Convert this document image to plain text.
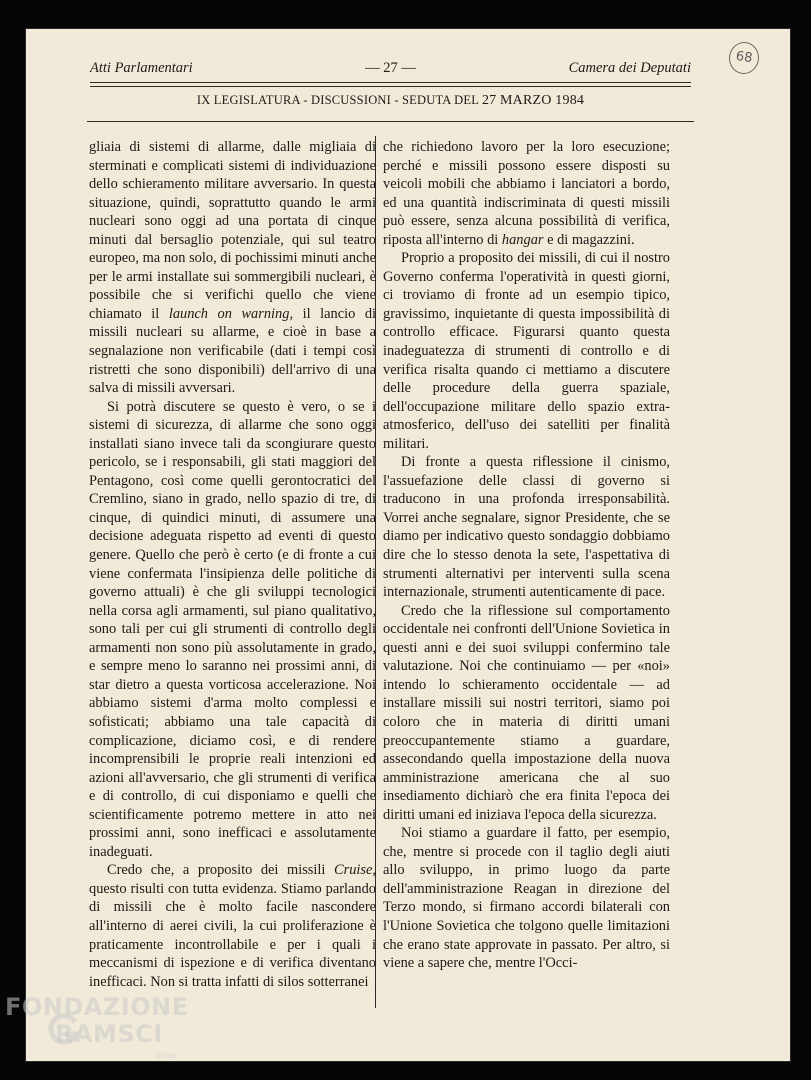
68
Atti Parlamentari	— 27 —	Camera dei Deputati
IX LEGISLATURA - DISCUSSIONI - SEDUTA DEL 27 MARZO 1984

gliaia di sistemi di allarme, dalle migliaia di sterminati e complicati sistemi di individuazione dello schieramento militare avversario. In questa situazione, quindi, soprattutto quando le armi nucleari sono oggi ad una portata di cinque minuti dal bersaglio potenziale, qui sul teatro europeo, ma non solo, di pochissimi minuti anche per le armi installate sui sommergibili nucleari, è possibile che si verifichi quello che viene chiamato il launch on warning, il lancio di missili nucleari su allarme, e cioè in base a segnalazione non verificabile (dati i tempi così ristretti che sono disponibili) dell'arrivo di una salva di missili avversari.

Si potrà discutere se questo è vero, o se i sistemi di sicurezza, di allarme che sono oggi installati siano invece tali da scongiurare questo pericolo, se i responsabili, gli stati maggiori del Pentagono, così come quelli gerontocratici del Cremlino, siano in grado, nello spazio di tre, di cinque, di quindici minuti, di assumere una decisione adeguata rispetto ad eventi di questo genere. Quello che però è certo (e di fronte a cui viene confermata l'insipienza delle politiche di governo attuali) è che gli sviluppi tecnologici nella corsa agli armamenti, sul piano qualitativo, sono tali per cui gli strumenti di controllo degli armamenti non sono più assolutamente in grado, e sempre meno lo saranno nei prossimi anni, di star dietro a questa vorticosa accelerazione. Noi abbiamo sistemi d'arma molto complessi e sofisticati; abbiamo una tale capacità di complicazione, diciamo così, e di rendere incomprensibili le proprie reali intenzioni ed azioni all'avversario, che gli strumenti di verifica e di controllo, di cui disponiamo e quelli che scientificamente potremo mettere in atto nei prossimi anni, sono inefficaci e assolutamente inadeguati.

Credo che, a proposito dei missili Cruise, questo risulti con tutta evidenza. Stiamo parlando di missili che è molto facile nascondere all'interno di aerei civili, la cui proliferazione è praticamente incontrollabile e per i quali i meccanismi di ispezione e di verifica diventano inefficaci. Non si tratta infatti di silos sotterranei

che richiedono lavoro per la loro esecuzione; perché e missili possono essere disposti su veicoli mobili che abbiamo i lanciatori a bordo, ed una quantità indiscriminata di questi missili può essere, senza alcuna possibilità di verifica, riposta all'interno di hangar e di magazzini.

Proprio a proposito dei missili, di cui il nostro Governo conferma l'operatività in questi giorni, ci troviamo di fronte ad un esempio tipico, gravissimo, inquietante di questa impossibilità di controllo efficace. Figurarsi quanto questa inadeguatezza di strumenti di controllo e di verifica risalta quando ci mettiamo a discutere delle procedure della guerra spaziale, dell'occupazione militare dello spazio extra-atmosferico, dell'uso dei satelliti per finalità militari.

Di fronte a questa riflessione il cinismo, l'assuefazione delle classi di governo si traducono in una profonda irresponsabilità. Vorrei anche segnalare, signor Presidente, che se diamo per indicativo questo sondaggio dobbiamo dire che lo stesso denota la sete, l'aspettativa di strumenti alternativi per interventi sulla scena internazionale, strumenti autenticamente di pace.

Credo che la riflessione sul comportamento occidentale nei confronti dell'Unione Sovietica in questi anni e dei suoi sviluppi confermino tale valutazione. Noi che continuiamo — per «noi» intendo lo schieramento occidentale — ad installare missili sui nostri territori, siamo poi coloro che in materia di diritti umani preoccupantemente stiamo a guardare, assecondando quella impostazione della nuova amministrazione americana che al suo insediamento dichiarò che era finita l'epoca dei diritti umani ed iniziava l'epoca della sicurezza.

Noi stiamo a guardare il fatto, per esempio, che, mentre si procede con il taglio degli aiuti allo sviluppo, in primo luogo da parte dell'amministrazione Reagan in direzione del Terzo mondo, si firmano accordi bilaterali con l'Unione Sovietica che tolgono quelle limitazioni che erano state approvate in passato. Per altro, si viene a sapere che, mentre l'Occi-

FONDAZIONE
RAMSCI
onlus
